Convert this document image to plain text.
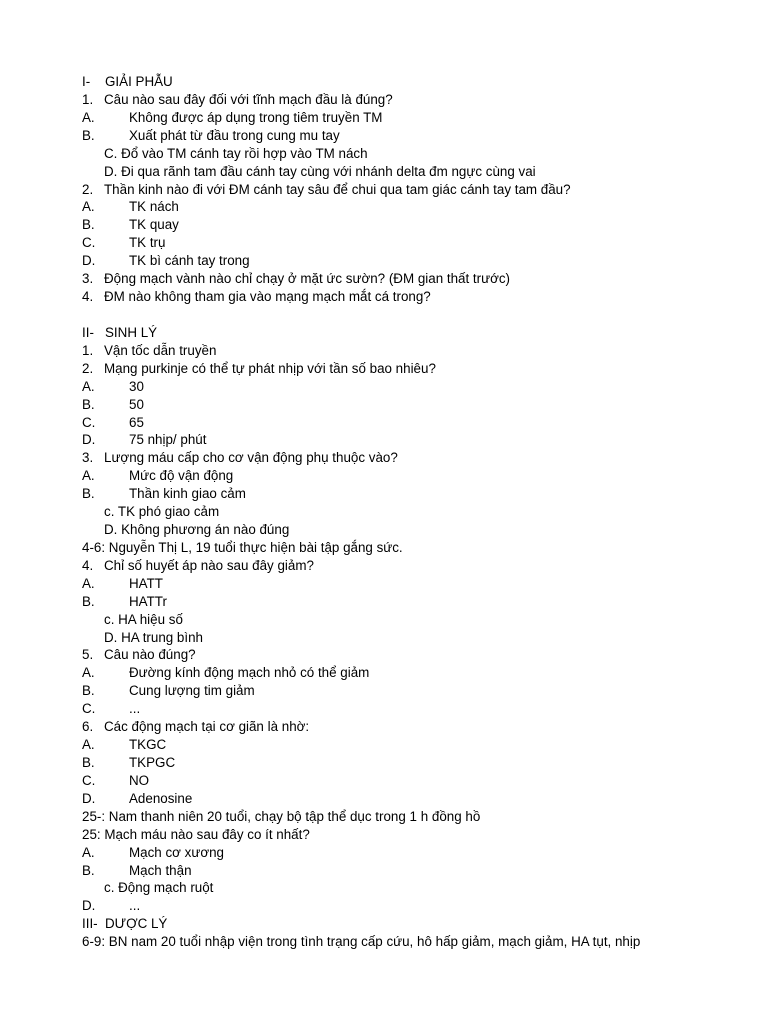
I- GIẢI PHẪU
1. Câu nào sau đây đối với tĩnh mạch đầu là đúng?
A.	Không được áp dụng trong tiêm truyền TM
B.	Xuất phát từ đầu trong cung mu tay
C. Đổ vào TM cánh tay rồi hợp vào TM nách
D. Đi qua rãnh tam đầu cánh tay cùng với nhánh delta đm ngực cùng vai
2. Thần kinh nào đi với ĐM cánh tay sâu để chui qua tam giác cánh tay tam đầu?
A.	TK nách
B.	TK quay
C.	TK trụ
D.	TK bì cánh tay trong
3. Động mạch vành nào chỉ chạy ở mặt ức sườn? (ĐM gian thất trước)
4. ĐM nào không tham gia vào mạng mạch mắt cá trong?
II- SINH LÝ
1. Vận tốc dẫn truyền
2. Mạng purkinje có thể tự phát nhịp với tần số bao nhiêu?
A.	30
B.	50
C.	65
D.	75 nhịp/ phút
3. Lượng máu cấp cho cơ vận động phụ thuộc vào?
A.	Mức độ vận động
B.	Thần kinh giao cảm
c. TK phó giao cảm
D. Không phương án nào đúng
4-6: Nguyễn Thị L, 19 tuổi thực hiện bài tập gắng sức.
4. Chỉ số huyết áp nào sau đây giảm?
A.	HATT
B.	HATTr
c. HA hiệu số
D. HA trung bình
5. Câu nào đúng?
A.	Đường kính động mạch nhỏ có thể giảm
B.	Cung lượng tim giảm
C.	...
6. Các động mạch tại cơ giãn là nhờ:
A.	TKGC
B.	TKPGC
C.	NO
D.	Adenosine
25-: Nam thanh niên 20 tuổi, chạy bộ tập thể dục trong 1 h đồng hồ
25: Mạch máu nào sau đây co ít nhất?
A.	Mạch cơ xương
B.	Mạch thận
c. Động mạch ruột
D.	...
III- DƯỢC LÝ
6-9: BN nam 20 tuổi nhập viện trong tình trạng cấp cứu, hô hấp giảm, mạch giảm, HA tụt, nhịp
